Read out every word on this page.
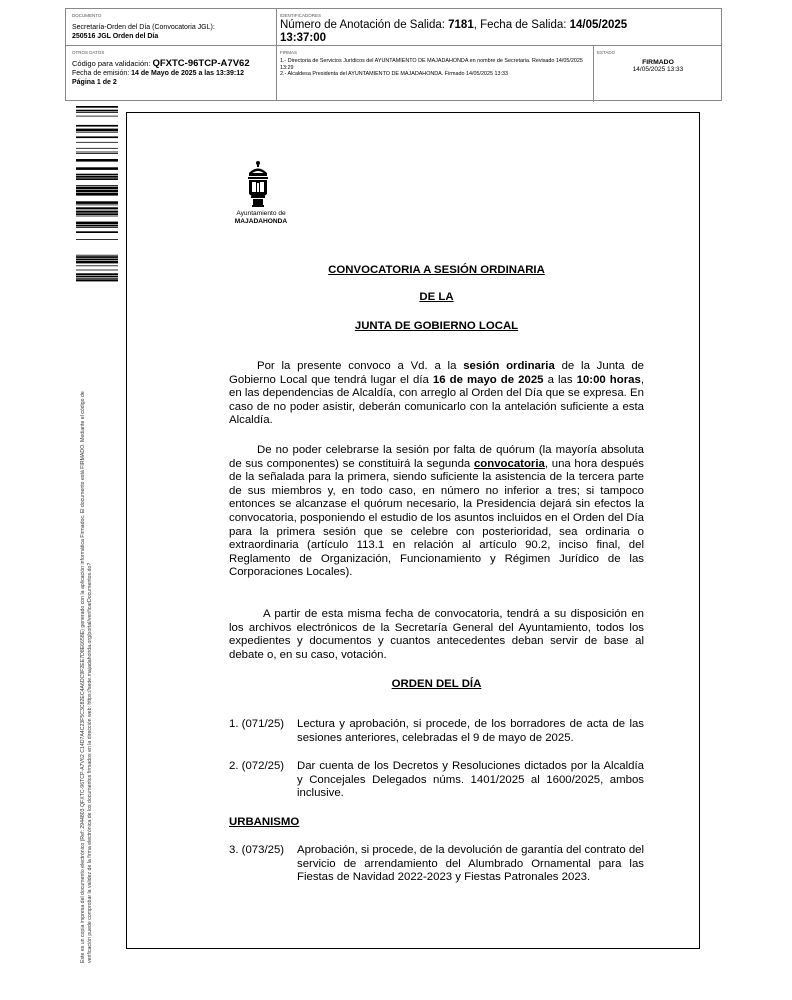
DOCUMENTO
Secretaría-Orden del Día (Convocatoria JGL):
250516 JGL Orden del Día
IDENTIFICADORES
Número de Anotación de Salida: 7181, Fecha de Salida: 14/05/2025
13:37:00
OTROS DATOS
Código para validación: QFXTC-96TCP-A7V62
Fecha de emisión: 14 de Mayo de 2025 a las 13:39:12
Página 1 de 2
FIRMAS
1.- Directoria de Servicios Jurídicos del AYUNTAMIENTO DE MAJADAHONDA en nombre de Secretaria. Revisado 14/05/2025 13:29
2.- Alcaldesa Presidenta del AYUNTAMIENTO DE MAJADAHONDA. Firmado 14/05/2025 13:33
ESTADO
FIRMADO
14/05/2025 13:33
Este es un copia impresa del documento electrónico (Ref: 2944803 QFXTC-96TCP-A7V62 C14D7A4C23F5C3C82EC4A6DC9F2EE7D8E6658E) generado con la aplicación informática Firmadoc. El documento está FIRMADO. Mediante el código de verificación puede comprobar la validez de la firma electrónica de los documentos firmados en la dirección web: https://sede.majadahonda.org/portal/verificarDocumentos.do?
Ayuntamiento de
MAJADAHONDA
CONVOCATORIA A SESIÓN ORDINARIA
DE LA
JUNTA DE GOBIERNO LOCAL
Por la presente convoco a Vd. a la sesión ordinaria de la Junta de Gobierno Local que tendrá lugar el día 16 de mayo de 2025 a las 10:00 horas, en las dependencias de Alcaldía, con arreglo al Orden del Día que se expresa. En caso de no poder asistir, deberán comunicarlo con la antelación suficiente a esta Alcaldía.
De no poder celebrarse la sesión por falta de quórum (la mayoría absoluta de sus componentes) se constituirá la segunda convocatoria, una hora después de la señalada para la primera, siendo suficiente la asistencia de la tercera parte de sus miembros y, en todo caso, en número no inferior a tres; si tampoco entonces se alcanzase el quórum necesario, la Presidencia dejará sin efectos la convocatoria, posponiendo el estudio de los asuntos incluidos en el Orden del Día para la primera sesión que se celebre con posterioridad, sea ordinaria o extraordinaria (artículo 113.1 en relación al artículo 90.2, inciso final, del Reglamento de Organización, Funcionamiento y Régimen Jurídico de las Corporaciones Locales).
A partir de esta misma fecha de convocatoria, tendrá a su disposición en los archivos electrónicos de la Secretaría General del Ayuntamiento, todos los expedientes y documentos y cuantos antecedentes deban servir de base al debate o, en su caso, votación.
ORDEN DEL DÍA
1. (071/25) Lectura y aprobación, si procede, de los borradores de acta de las sesiones anteriores, celebradas el 9 de mayo de 2025.
2. (072/25) Dar cuenta de los Decretos y Resoluciones dictados por la Alcaldía y Concejales Delegados núms. 1401/2025 al 1600/2025, ambos inclusive.
URBANISMO
3. (073/25) Aprobación, si procede, de la devolución de garantía del contrato del servicio de arrendamiento del Alumbrado Ornamental para las Fiestas de Navidad 2022-2023 y Fiestas Patronales 2023.
